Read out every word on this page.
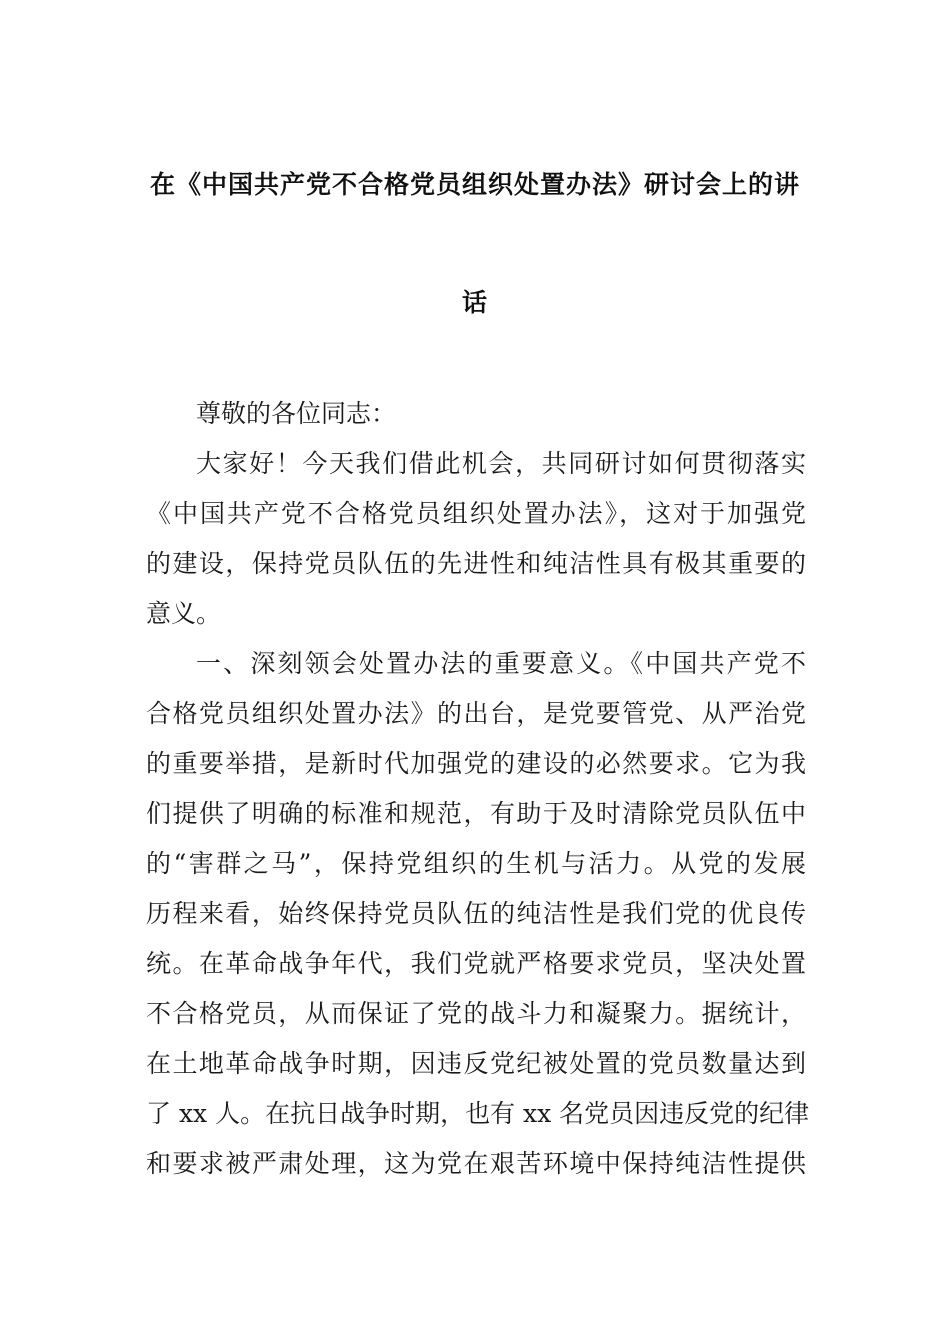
在《中国共产党不合格党员组织处置办法》研讨会上的讲
话
尊敬的各位同志：
大家好！今天我们借此机会，共同研讨如何贯彻落实
《中国共产党不合格党员组织处置办法》，这对于加强党
的建设，保持党员队伍的先进性和纯洁性具有极其重要的
意义。
一、深刻领会处置办法的重要意义。《中国共产党不
合格党员组织处置办法》的出台，是党要管党、从严治党
的重要举措，是新时代加强党的建设的必然要求。它为我
们提供了明确的标准和规范，有助于及时清除党员队伍中
的“害群之马”，保持党组织的生机与活力。从党的发展
历程来看，始终保持党员队伍的纯洁性是我们党的优良传
统。在革命战争年代，我们党就严格要求党员，坚决处置
不合格党员，从而保证了党的战斗力和凝聚力。据统计，
在土地革命战争时期，因违反党纪被处置的党员数量达到
了 xx 人。在抗日战争时期，也有 xx 名党员因违反党的纪律
和要求被严肃处理，这为党在艰苦环境中保持纯洁性提供
